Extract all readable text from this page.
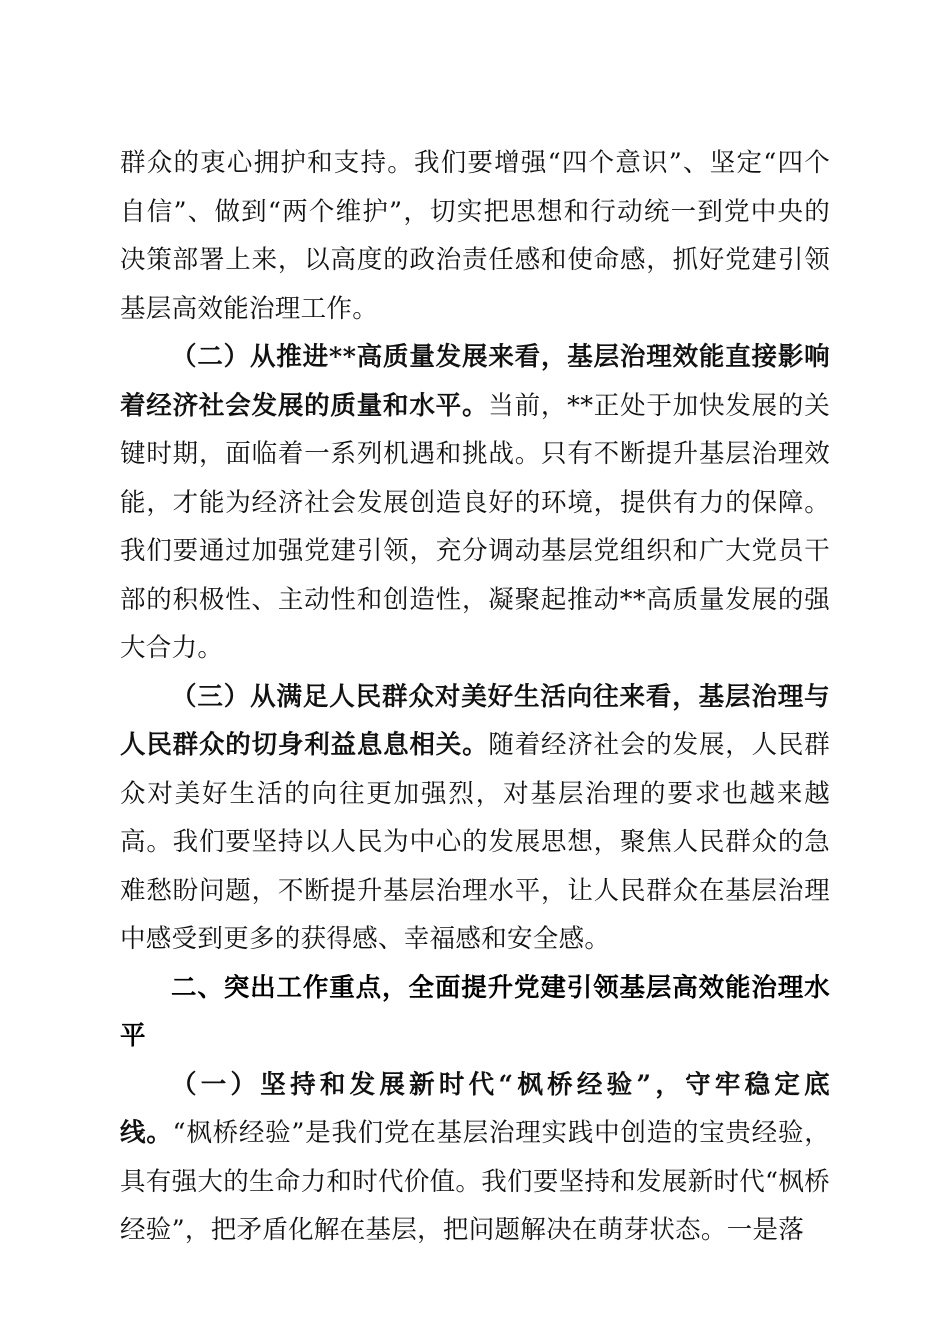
群众的衷心拥护和支持。我们要增强“四个意识”、坚定“四个自信”、做到“两个维护”，切实把思想和行动统一到党中央的决策部署上来，以高度的政治责任感和使命感，抓好党建引领基层高效能治理工作。

（二）从推进**高质量发展来看，基层治理效能直接影响着经济社会发展的质量和水平。当前，**正处于加快发展的关键时期，面临着一系列机遇和挑战。只有不断提升基层治理效能，才能为经济社会发展创造良好的环境，提供有力的保障。我们要通过加强党建引领，充分调动基层党组织和广大党员干部的积极性、主动性和创造性，凝聚起推动**高质量发展的强大合力。

（三）从满足人民群众对美好生活向往来看，基层治理与人民群众的切身利益息息相关。随着经济社会的发展，人民群众对美好生活的向往更加强烈，对基层治理的要求也越来越高。我们要坚持以人民为中心的发展思想，聚焦人民群众的急难愁盼问题，不断提升基层治理水平，让人民群众在基层治理中感受到更多的获得感、幸福感和安全感。

二、突出工作重点，全面提升党建引领基层高效能治理水平

（一）坚持和发展新时代“枫桥经验”，守牢稳定底线。“枫桥经验”是我们党在基层治理实践中创造的宝贵经验，具有强大的生命力和时代价值。我们要坚持和发展新时代“枫桥经验”，把矛盾化解在基层，把问题解决在萌芽状态。一是落
